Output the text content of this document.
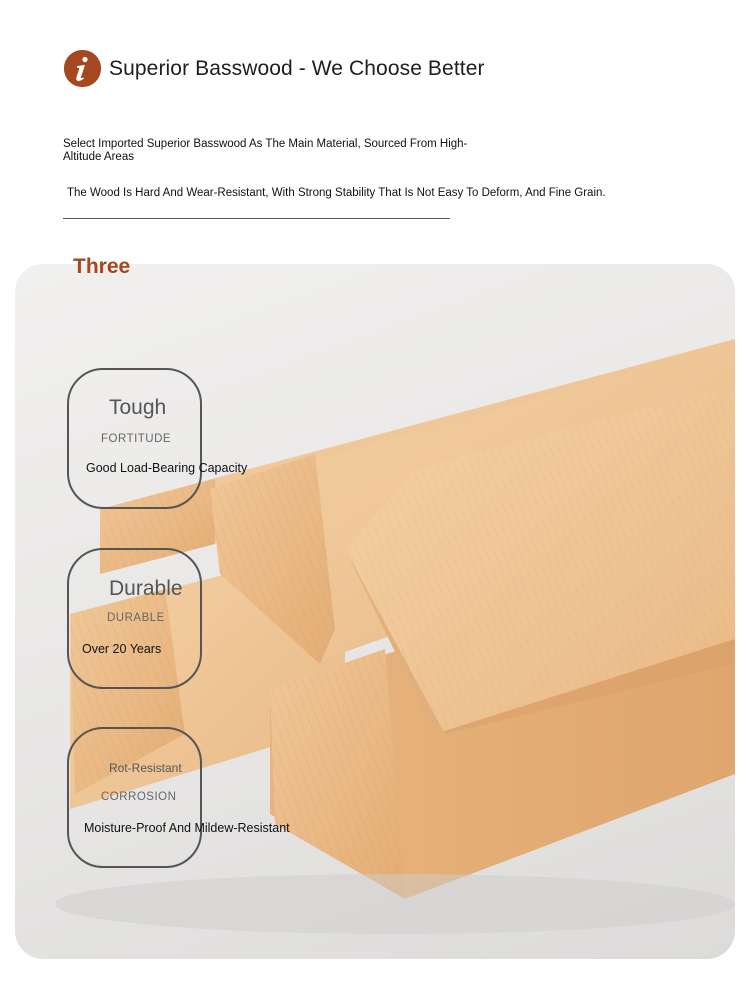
Superior Basswood - We Choose Better
Select Imported Superior Basswood As The Main Material, Sourced From High-Altitude Areas
The Wood Is Hard And Wear-Resistant, With Strong Stability That Is Not Easy To Deform, And Fine Grain.
Three
Tough
FORTITUDE
Good Load-Bearing Capacity
Durable
DURABLE
Over 20 Years
Rot-Resistant
CORROSION
Moisture-Proof And Mildew-Resistant
